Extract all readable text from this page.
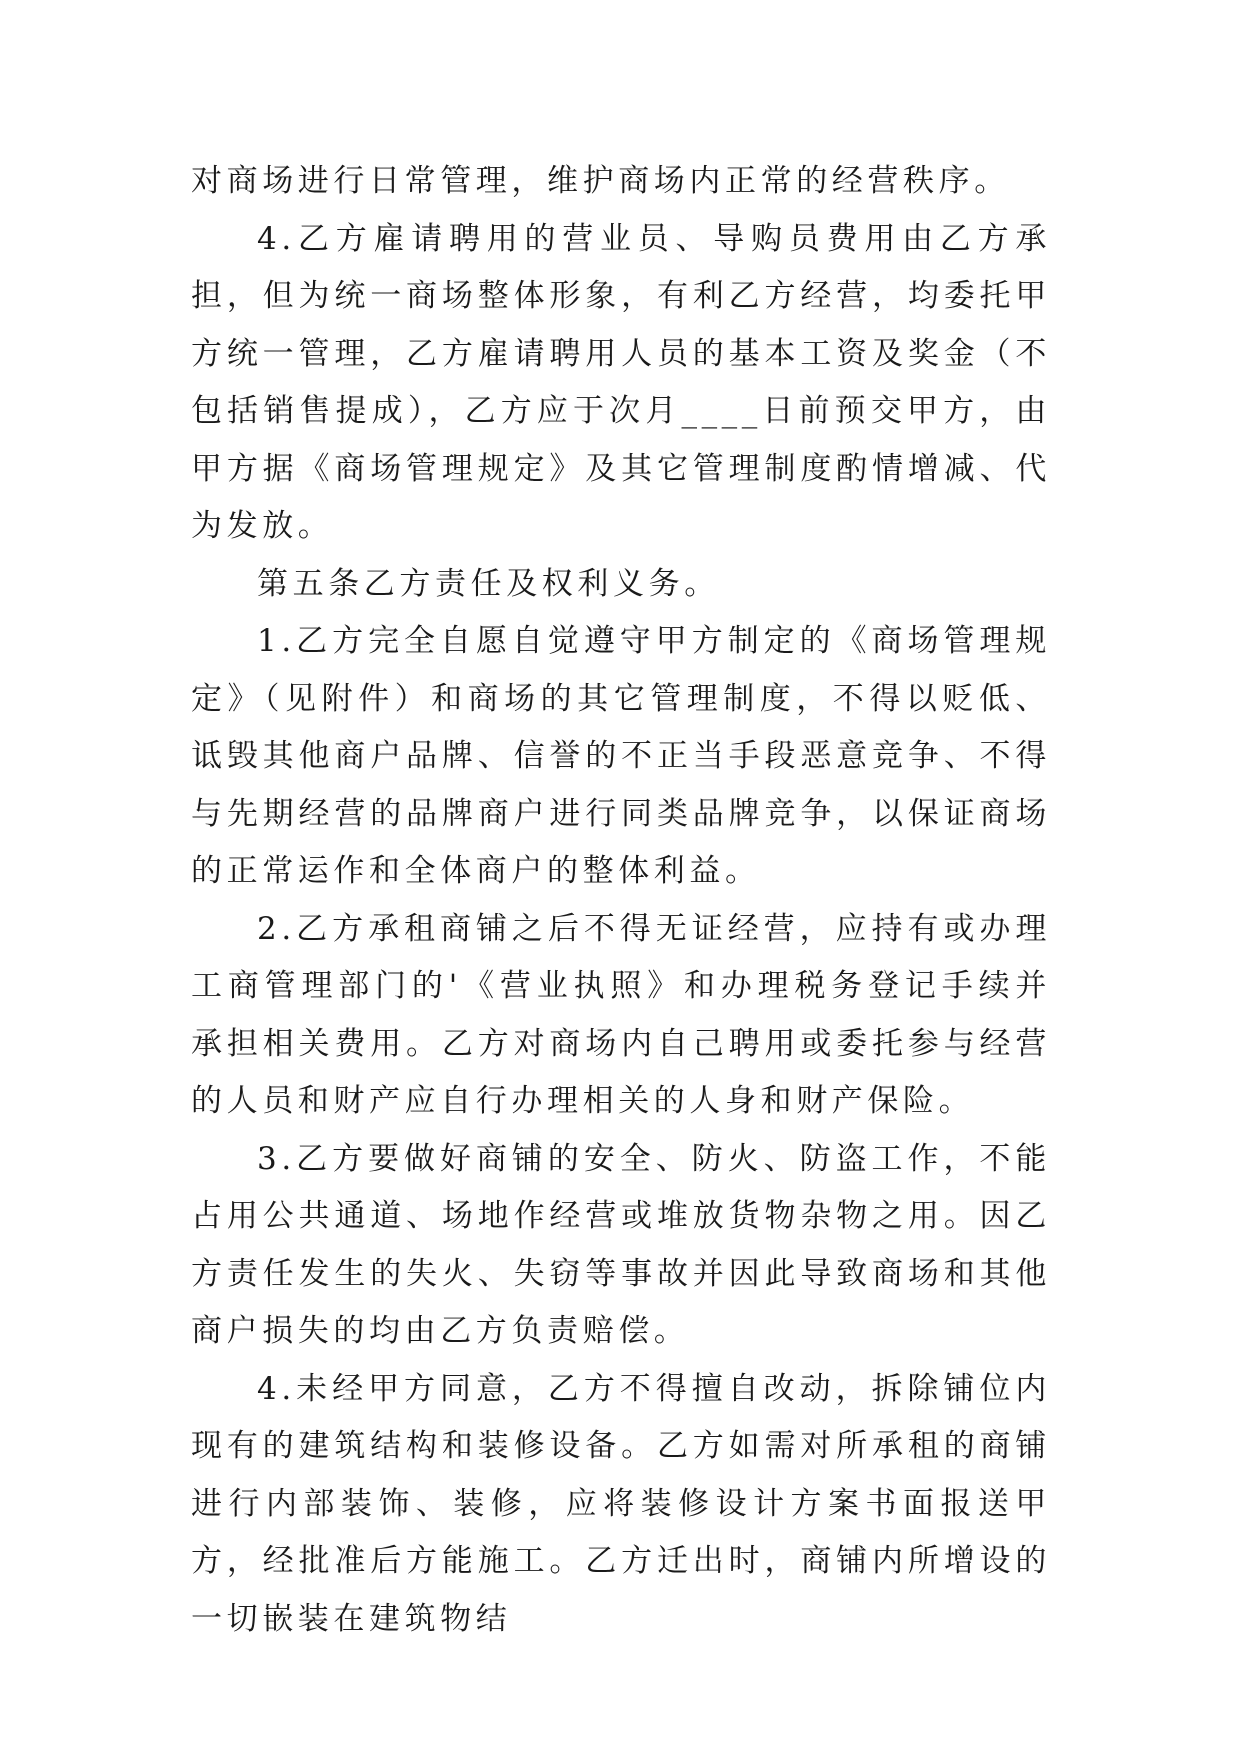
对商场进行日常管理，维护商场内正常的经营秩序。

4.乙方雇请聘用的营业员、导购员费用由乙方承担，但为统一商场整体形象，有利乙方经营，均委托甲方统一管理，乙方雇请聘用人员的基本工资及奖金（不包括销售提成），乙方应于次月____日前预交甲方，由甲方据《商场管理规定》及其它管理制度酌情增减、代为发放。

第五条乙方责任及权利义务。

1.乙方完全自愿自觉遵守甲方制定的《商场管理规定》（见附件）和商场的其它管理制度，不得以贬低、诋毁其他商户品牌、信誉的不正当手段恶意竞争、不得与先期经营的品牌商户进行同类品牌竞争，以保证商场的正常运作和全体商户的整体利益。

2.乙方承租商铺之后不得无证经营，应持有或办理工商管理部门的'《营业执照》和办理税务登记手续并承担相关费用。乙方对商场内自己聘用或委托参与经营的人员和财产应自行办理相关的人身和财产保险。

3.乙方要做好商铺的安全、防火、防盗工作，不能占用公共通道、场地作经营或堆放货物杂物之用。因乙方责任发生的失火、失窃等事故并因此导致商场和其他商户损失的均由乙方负责赔偿。

4.未经甲方同意，乙方不得擅自改动，拆除铺位内现有的建筑结构和装修设备。乙方如需对所承租的商铺进行内部装饰、装修，应将装修设计方案书面报送甲方，经批准后方能施工。乙方迁出时，商铺内所增设的一切嵌装在建筑物结
